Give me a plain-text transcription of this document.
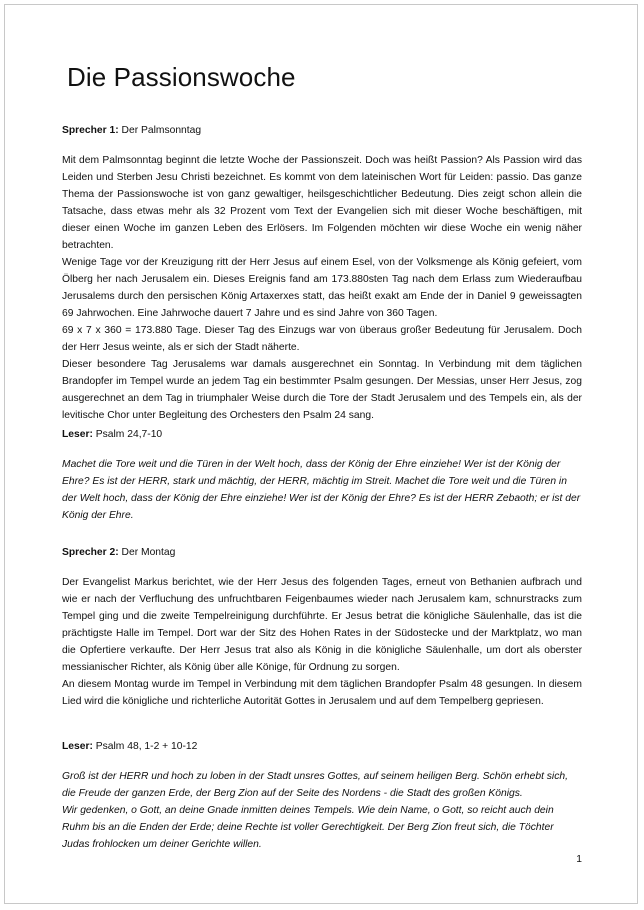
Die Passionswoche
Sprecher 1: Der Palmsonntag

Mit dem Palmsonntag beginnt die letzte Woche der Passionszeit. Doch was heißt Passion? Als Passion wird das Leiden und Sterben Jesu Christi bezeichnet. Es kommt von dem lateinischen Wort für Leiden: passio. Das ganze Thema der Passionswoche ist von ganz gewaltiger, heilsgeschichtlicher Bedeutung. Dies zeigt schon allein die Tatsache, dass etwas mehr als 32 Prozent vom Text der Evangelien sich mit dieser Woche beschäftigen, mit dieser einen Woche im ganzen Leben des Erlösers. Im Folgenden möchten wir diese Woche ein wenig näher betrachten.

Wenige Tage vor der Kreuzigung ritt der Herr Jesus auf einem Esel, von der Volksmenge als König gefeiert, vom Ölberg her nach Jerusalem ein. Dieses Ereignis fand am 173.880sten Tag nach dem Erlass zum Wiederaufbau Jerusalems durch den persischen König Artaxerxes statt, das heißt exakt am Ende der in Daniel 9 geweissagten 69 Jahrwochen. Eine Jahrwoche dauert 7 Jahre und es sind Jahre von 360 Tagen.

69 x 7 x 360 = 173.880 Tage. Dieser Tag des Einzugs war von überaus großer Bedeutung für Jerusalem. Doch der Herr Jesus weinte, als er sich der Stadt näherte.

Dieser besondere Tag Jerusalems war damals ausgerechnet ein Sonntag. In Verbindung mit dem täglichen Brandopfer im Tempel wurde an jedem Tag ein bestimmter Psalm gesungen. Der Messias, unser Herr Jesus, zog ausgerechnet an dem Tag in triumphaler Weise durch die Tore der Stadt Jerusalem und des Tempels ein, als der levitische Chor unter Begleitung des Orchesters den Psalm 24 sang.

Leser: Psalm 24,7-10

Machet die Tore weit und die Türen in der Welt hoch, dass der König der Ehre einziehe! Wer ist der König der Ehre? Es ist der HERR, stark und mächtig, der HERR, mächtig im Streit. Machet die Tore weit und die Türen in der Welt hoch, dass der König der Ehre einziehe! Wer ist der König der Ehre? Es ist der HERR Zebaoth; er ist der König der Ehre.

Sprecher 2: Der Montag

Der Evangelist Markus berichtet, wie der Herr Jesus des folgenden Tages, erneut von Bethanien aufbrach und wie er nach der Verfluchung des unfruchtbaren Feigenbaumes wieder nach Jerusalem kam, schnurstracks zum Tempel ging und die zweite Tempelreinigung durchführte. Er Jesus betrat die königliche Säulenhalle, das ist die prächtigste Halle im Tempel. Dort war der Sitz des Hohen Rates in der Südostecke und der Marktplatz, wo man die Opfertiere verkaufte. Der Herr Jesus trat also als König in die königliche Säulenhalle, um dort als oberster messianischer Richter, als König über alle Könige, für Ordnung zu sorgen.

An diesem Montag wurde im Tempel in Verbindung mit dem täglichen Brandopfer Psalm 48 gesungen. In diesem Lied wird die königliche und richterliche Autorität Gottes in Jerusalem und auf dem Tempelberg gepriesen.

Leser: Psalm 48, 1-2 + 10-12

Groß ist der HERR und hoch zu loben in der Stadt unsres Gottes, auf seinem heiligen Berg. Schön erhebt sich, die Freude der ganzen Erde, der Berg Zion auf der Seite des Nordens - die Stadt des großen Königs.

Wir gedenken, o Gott, an deine Gnade inmitten deines Tempels. Wie dein Name, o Gott, so reicht auch dein Ruhm bis an die Enden der Erde; deine Rechte ist voller Gerechtigkeit. Der Berg Zion freut sich, die Töchter Judas frohlocken um deiner Gerichte willen.

1
